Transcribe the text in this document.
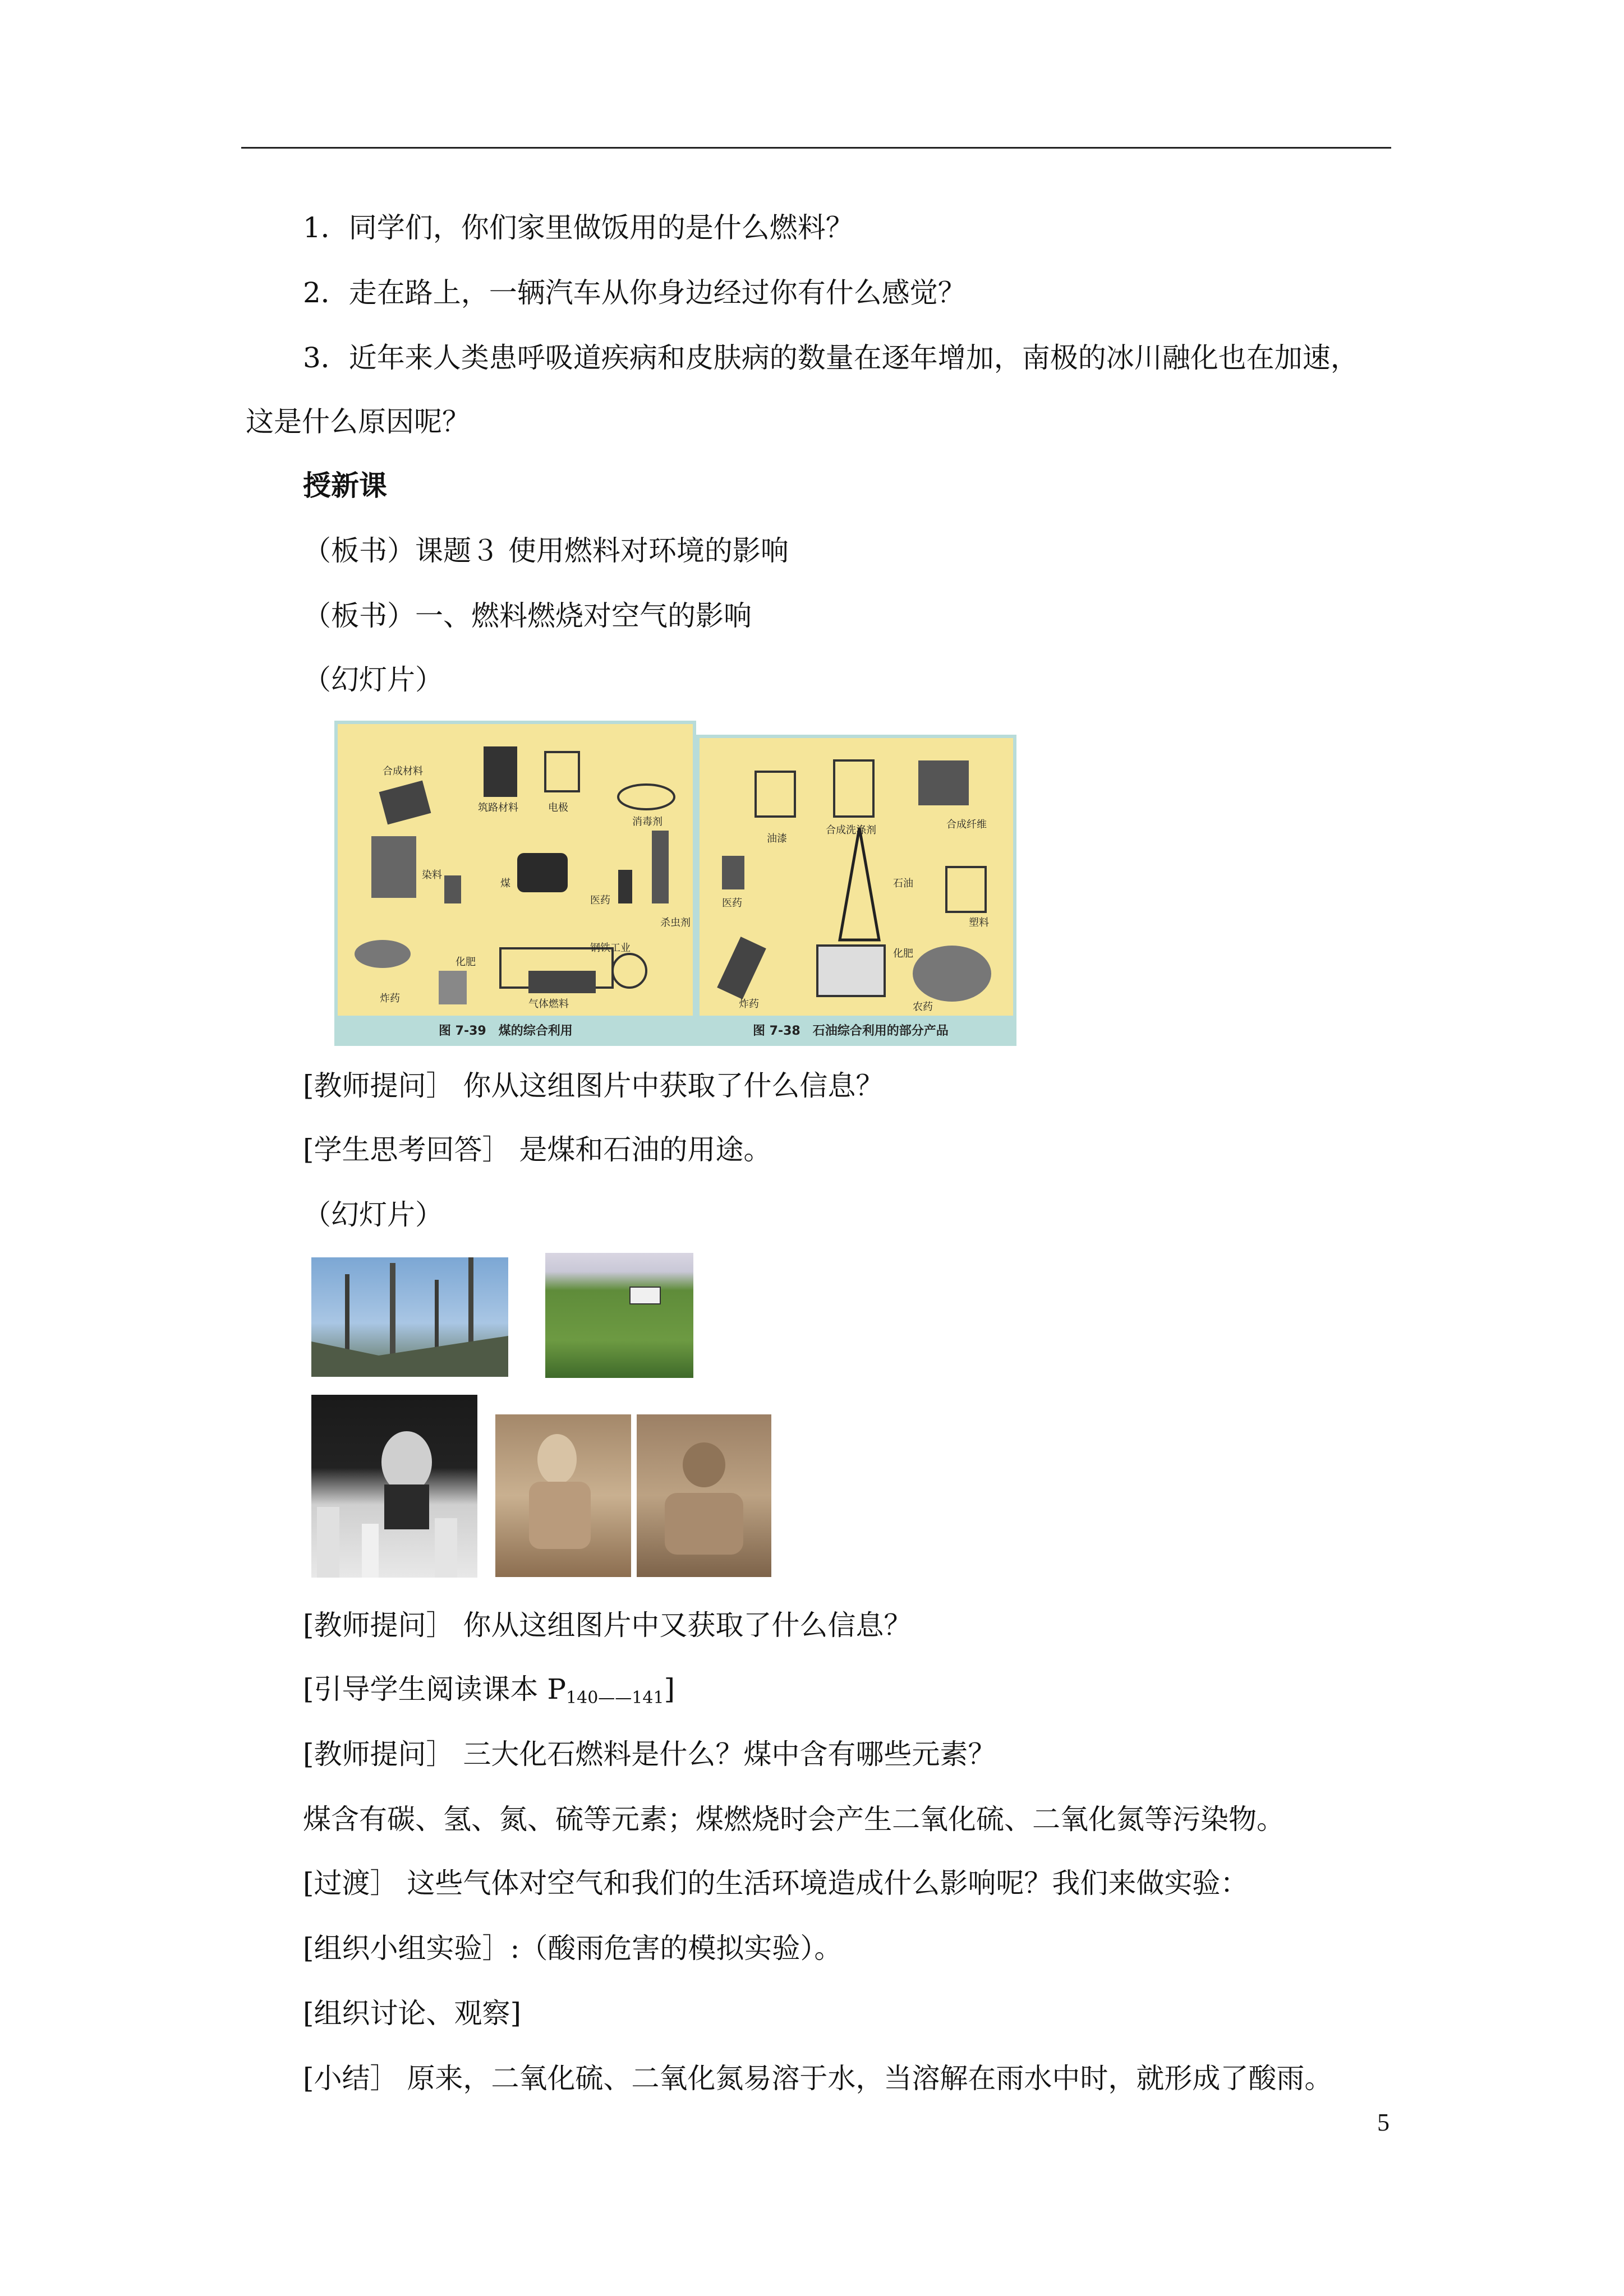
1．同学们，你们家里做饭用的是什么燃料？
2．走在路上，一辆汽车从你身边经过你有什么感觉？
3．近年来人类患呼吸道疾病和皮肤病的数量在逐年增加，南极的冰川融化也在加速，
这是什么原因呢？
授新课
（板书）课题３ 使用燃料对环境的影响
（板书）一、燃料燃烧对空气的影响
（幻灯片）
合成材料
筑路材料	电极
消毒剂
染料
煤
医药
杀虫剂
炸药
化肥
钢铁工业
气体燃料
图 7-39　煤的综合利用
油漆
合成洗涤剂	合成纤维
医药
石油
塑料
炸药
化肥
农药
图 7-38　石油综合利用的部分产品
[教师提问］ 你从这组图片中获取了什么信息？
[学生思考回答］ 是煤和石油的用途。
（幻灯片）
[教师提问］ 你从这组图片中又获取了什么信息？
[引导学生阅读课本 $P_{140——141}$]
[教师提问］ 三大化石燃料是什么？煤中含有哪些元素？
煤含有碳、氢、氮、硫等元素；煤燃烧时会产生二氧化硫、二氧化氮等污染物。
[过渡］ 这些气体对空气和我们的生活环境造成什么影响呢？我们来做实验：
[组织小组实验］:（酸雨危害的模拟实验）。
[组织讨论、观察]
[小结］ 原来，二氧化硫、二氧化氮易溶于水，当溶解在雨水中时，就形成了酸雨。
5
